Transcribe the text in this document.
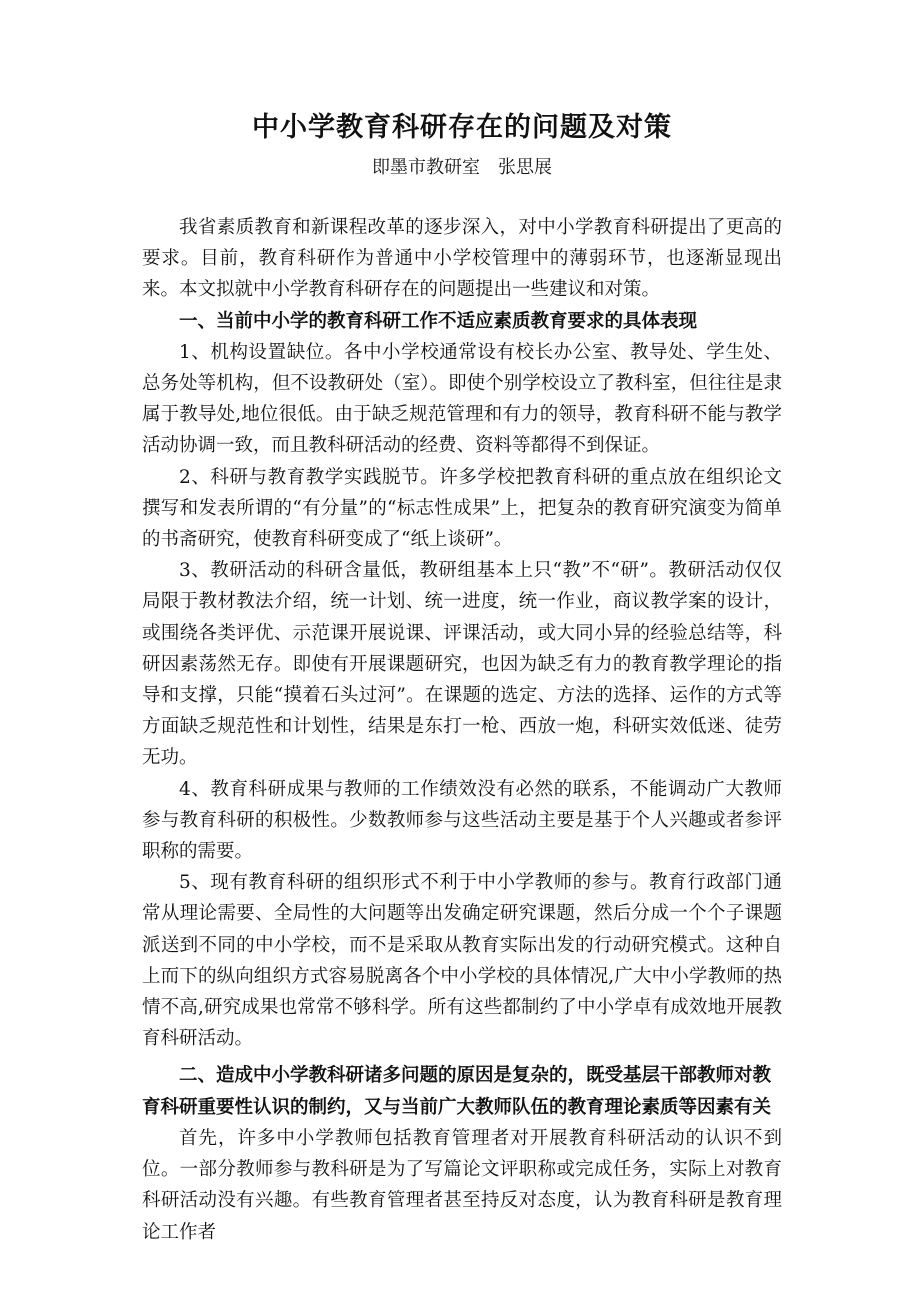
中小学教育科研存在的问题及对策
即墨市教研室 张思展

我省素质教育和新课程改革的逐步深入，对中小学教育科研提出了更高的要求。目前，教育科研作为普通中小学校管理中的薄弱环节，也逐渐显现出来。本文拟就中小学教育科研存在的问题提出一些建议和对策。

一、当前中小学的教育科研工作不适应素质教育要求的具体表现

1、机构设置缺位。各中小学校通常设有校长办公室、教导处、学生处、总务处等机构，但不设教研处（室）。即使个别学校设立了教科室，但往往是隶属于教导处,地位很低。由于缺乏规范管理和有力的领导，教育科研不能与教学活动协调一致，而且教科研活动的经费、资料等都得不到保证。

2、科研与教育教学实践脱节。许多学校把教育科研的重点放在组织论文撰写和发表所谓的“有分量”的“标志性成果”上，把复杂的教育研究演变为简单的书斋研究，使教育科研变成了“纸上谈研”。

3、教研活动的科研含量低，教研组基本上只“教”不“研”。教研活动仅仅局限于教材教法介绍，统一计划、统一进度，统一作业，商议教学案的设计，或围绕各类评优、示范课开展说课、评课活动，或大同小异的经验总结等，科研因素荡然无存。即使有开展课题研究，也因为缺乏有力的教育教学理论的指导和支撑，只能“摸着石头过河”。在课题的选定、方法的选择、运作的方式等方面缺乏规范性和计划性，结果是东打一枪、西放一炮，科研实效低迷、徒劳无功。

4、教育科研成果与教师的工作绩效没有必然的联系，不能调动广大教师参与教育科研的积极性。少数教师参与这些活动主要是基于个人兴趣或者参评职称的需要。

5、现有教育科研的组织形式不利于中小学教师的参与。教育行政部门通常从理论需要、全局性的大问题等出发确定研究课题，然后分成一个个子课题派送到不同的中小学校，而不是采取从教育实际出发的行动研究模式。这种自上而下的纵向组织方式容易脱离各个中小学校的具体情况,广大中小学教师的热情不高,研究成果也常常不够科学。所有这些都制约了中小学卓有成效地开展教育科研活动。

二、造成中小学教科研诸多问题的原因是复杂的，既受基层干部教师对教育科研重要性认识的制约，又与当前广大教师队伍的教育理论素质等因素有关

首先，许多中小学教师包括教育管理者对开展教育科研活动的认识不到位。一部分教师参与教科研是为了写篇论文评职称或完成任务，实际上对教育科研活动没有兴趣。有些教育管理者甚至持反对态度，认为教育科研是教育理论工作者
